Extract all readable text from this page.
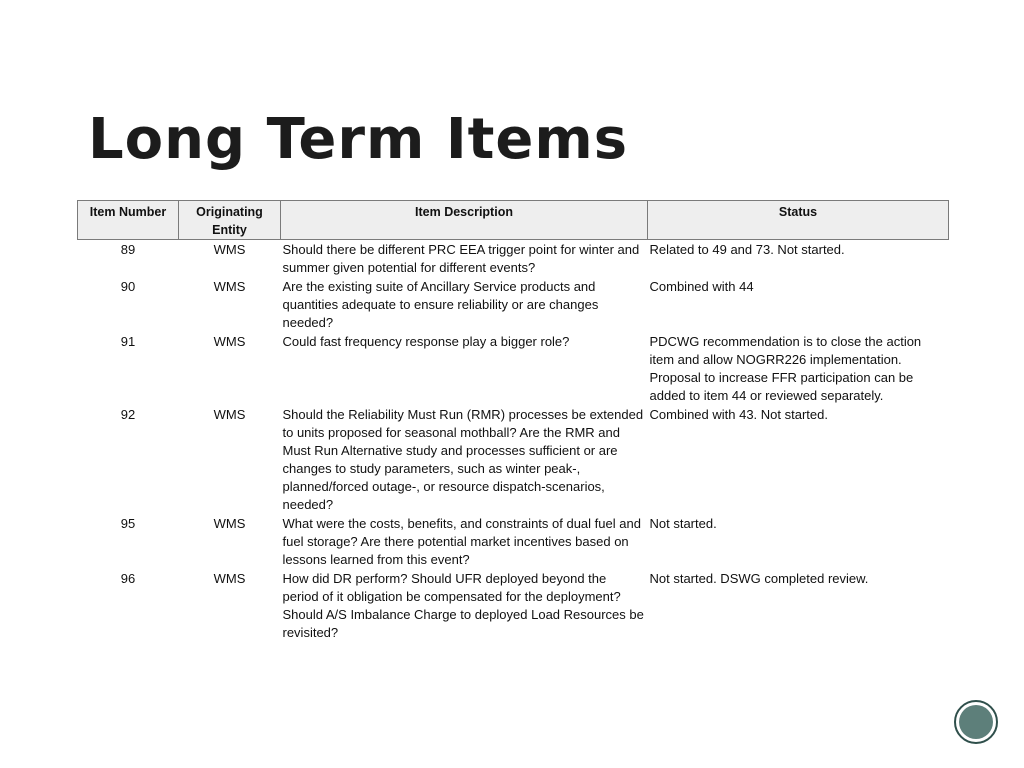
Long Term Items
Item Number	Originating Entity	Item Description	Status
89	WMS	Should there be different PRC EEA trigger point for winter and summer given potential for different events?	Related to 49 and 73. Not started.
90	WMS	Are the existing suite of Ancillary Service products and quantities adequate to ensure reliability or are changes needed?	Combined with 44
91	WMS	Could fast frequency response play a bigger role?	PDCWG recommendation is to close the action item and allow NOGRR226 implementation. Proposal to increase FFR participation can be added to item 44 or reviewed separately.
92	WMS	Should the Reliability Must Run (RMR) processes be extended to units proposed for seasonal mothball? Are the RMR and Must Run Alternative study and processes sufficient or are changes to study parameters, such as winter peak-, planned/forced outage-, or resource dispatch-scenarios, needed?	Combined with 43. Not started.
95	WMS	What were the costs, benefits, and constraints of dual fuel and fuel storage? Are there potential market incentives based on lessons learned from this event?	Not started.
96	WMS	How did DR perform? Should UFR deployed beyond the period of it obligation be compensated for the deployment? Should A/S Imbalance Charge to deployed Load Resources be revisited?	Not started. DSWG completed review.
